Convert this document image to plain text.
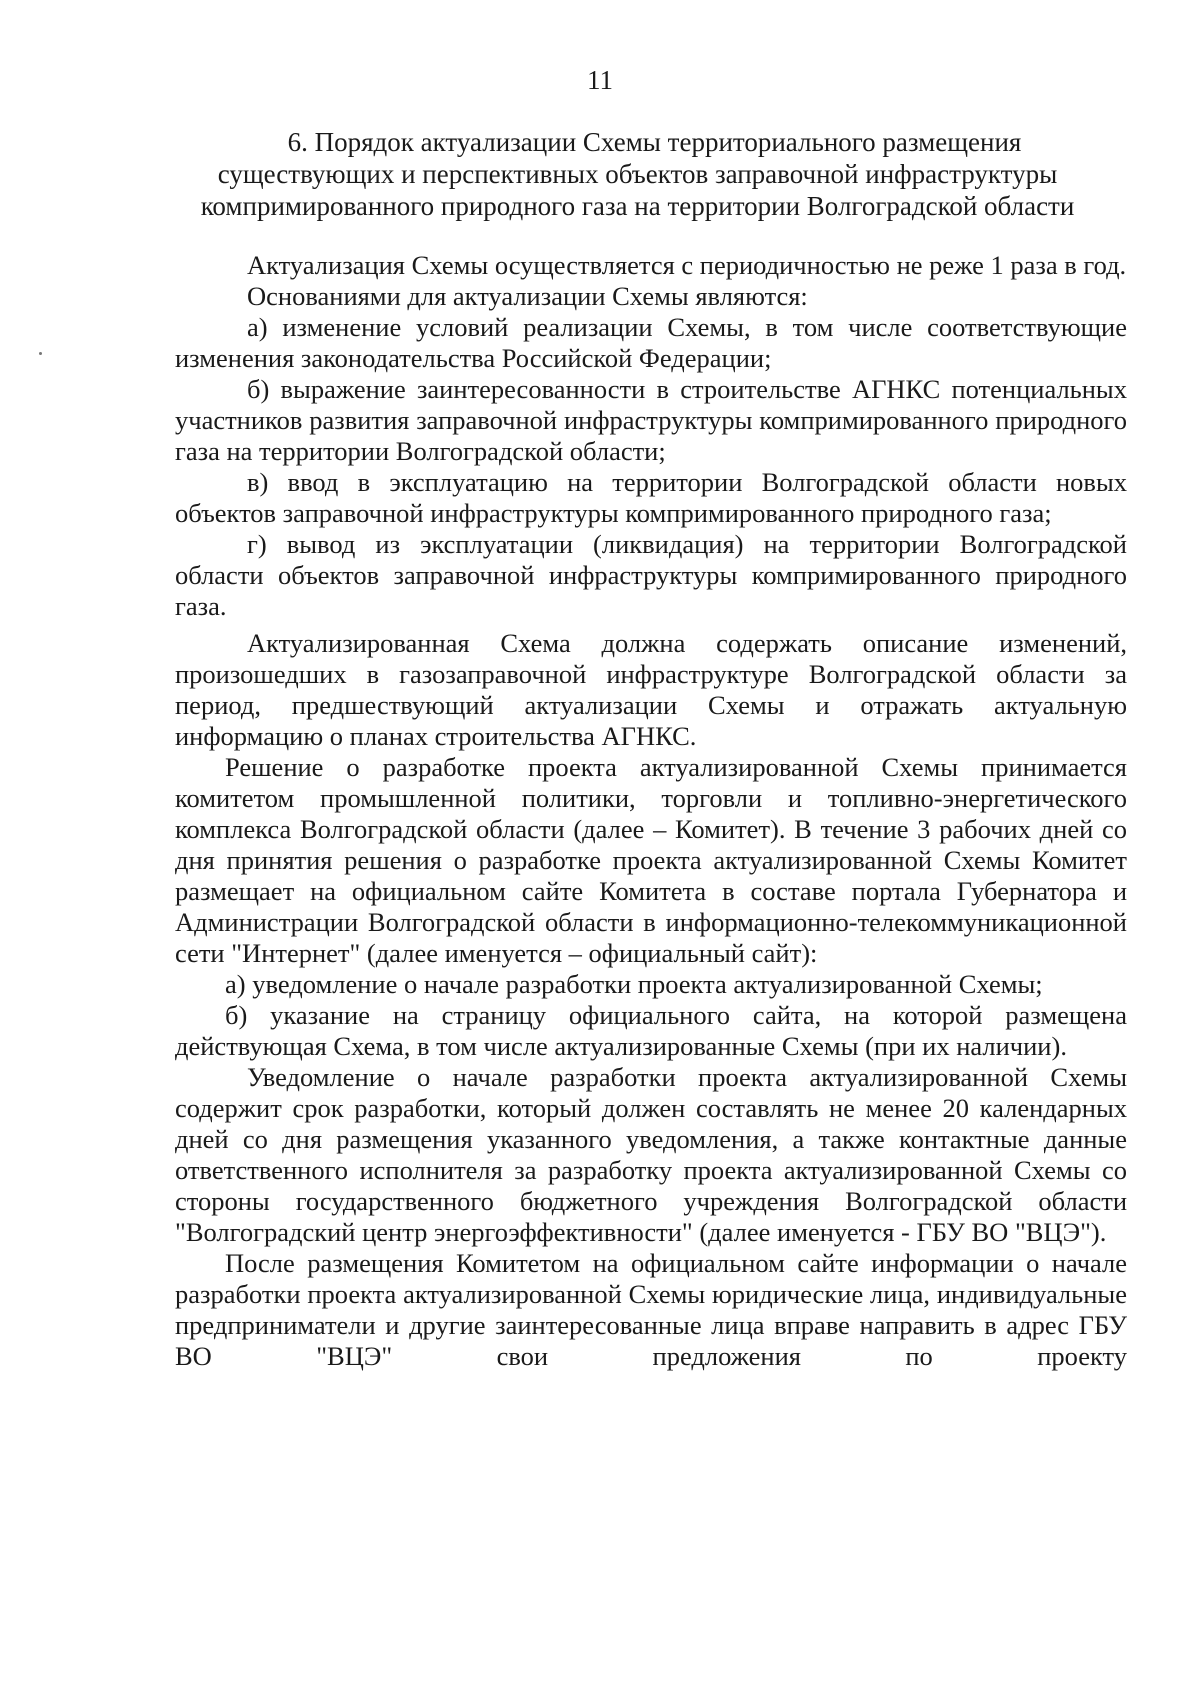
11
6. Порядок актуализации Схемы территориального размещения
существующих и перспективных объектов заправочной инфраструктуры
компримированного природного газа на территории Волгоградской области

Актуализация Схемы осуществляется с периодичностью не реже 1 раза в год.

Основаниями для актуализации Схемы являются:

а) изменение условий реализации Схемы, в том числе соответствующие изменения законодательства Российской Федерации;

б) выражение заинтересованности в строительстве АГНКС потенциальных участников развития заправочной инфраструктуры компримированного природного газа на территории Волгоградской области;

в) ввод в эксплуатацию на территории Волгоградской области новых объектов заправочной инфраструктуры компримированного природного газа;

г) вывод из эксплуатации (ликвидация) на территории Волгоградской области объектов заправочной инфраструктуры компримированного природного газа.

Актуализированная Схема должна содержать описание изменений, произошедших в газозаправочной инфраструктуре Волгоградской области за период, предшествующий актуализации Схемы и отражать актуальную информацию о планах строительства АГНКС.

Решение о разработке проекта актуализированной Схемы принимается комитетом промышленной политики, торговли и топливно-энергетического комплекса Волгоградской области (далее – Комитет). В течение 3 рабочих дней со дня принятия решения о разработке проекта актуализированной Схемы Комитет размещает на официальном сайте Комитета в составе портала Губернатора и Администрации Волгоградской области в информационно-телекоммуникационной сети "Интернет" (далее именуется – официальный сайт):

а) уведомление о начале разработки проекта актуализированной Схемы;

б) указание на страницу официального сайта, на которой размещена действующая Схема, в том числе актуализированные Схемы (при их наличии).

Уведомление о начале разработки проекта актуализированной Схемы содержит срок разработки, который должен составлять не менее 20 календарных дней со дня размещения указанного уведомления, а также контактные данные ответственного исполнителя за разработку проекта актуализированной Схемы со стороны государственного бюджетного учреждения Волгоградской области "Волгоградский центр энергоэффективности" (далее именуется - ГБУ ВО "ВЦЭ").

После размещения Комитетом на официальном сайте информации о начале разработки проекта актуализированной Схемы юридические лица, индивидуальные предприниматели и другие заинтересованные лица вправе направить в адрес ГБУ ВО "ВЦЭ" свои предложения по проекту
